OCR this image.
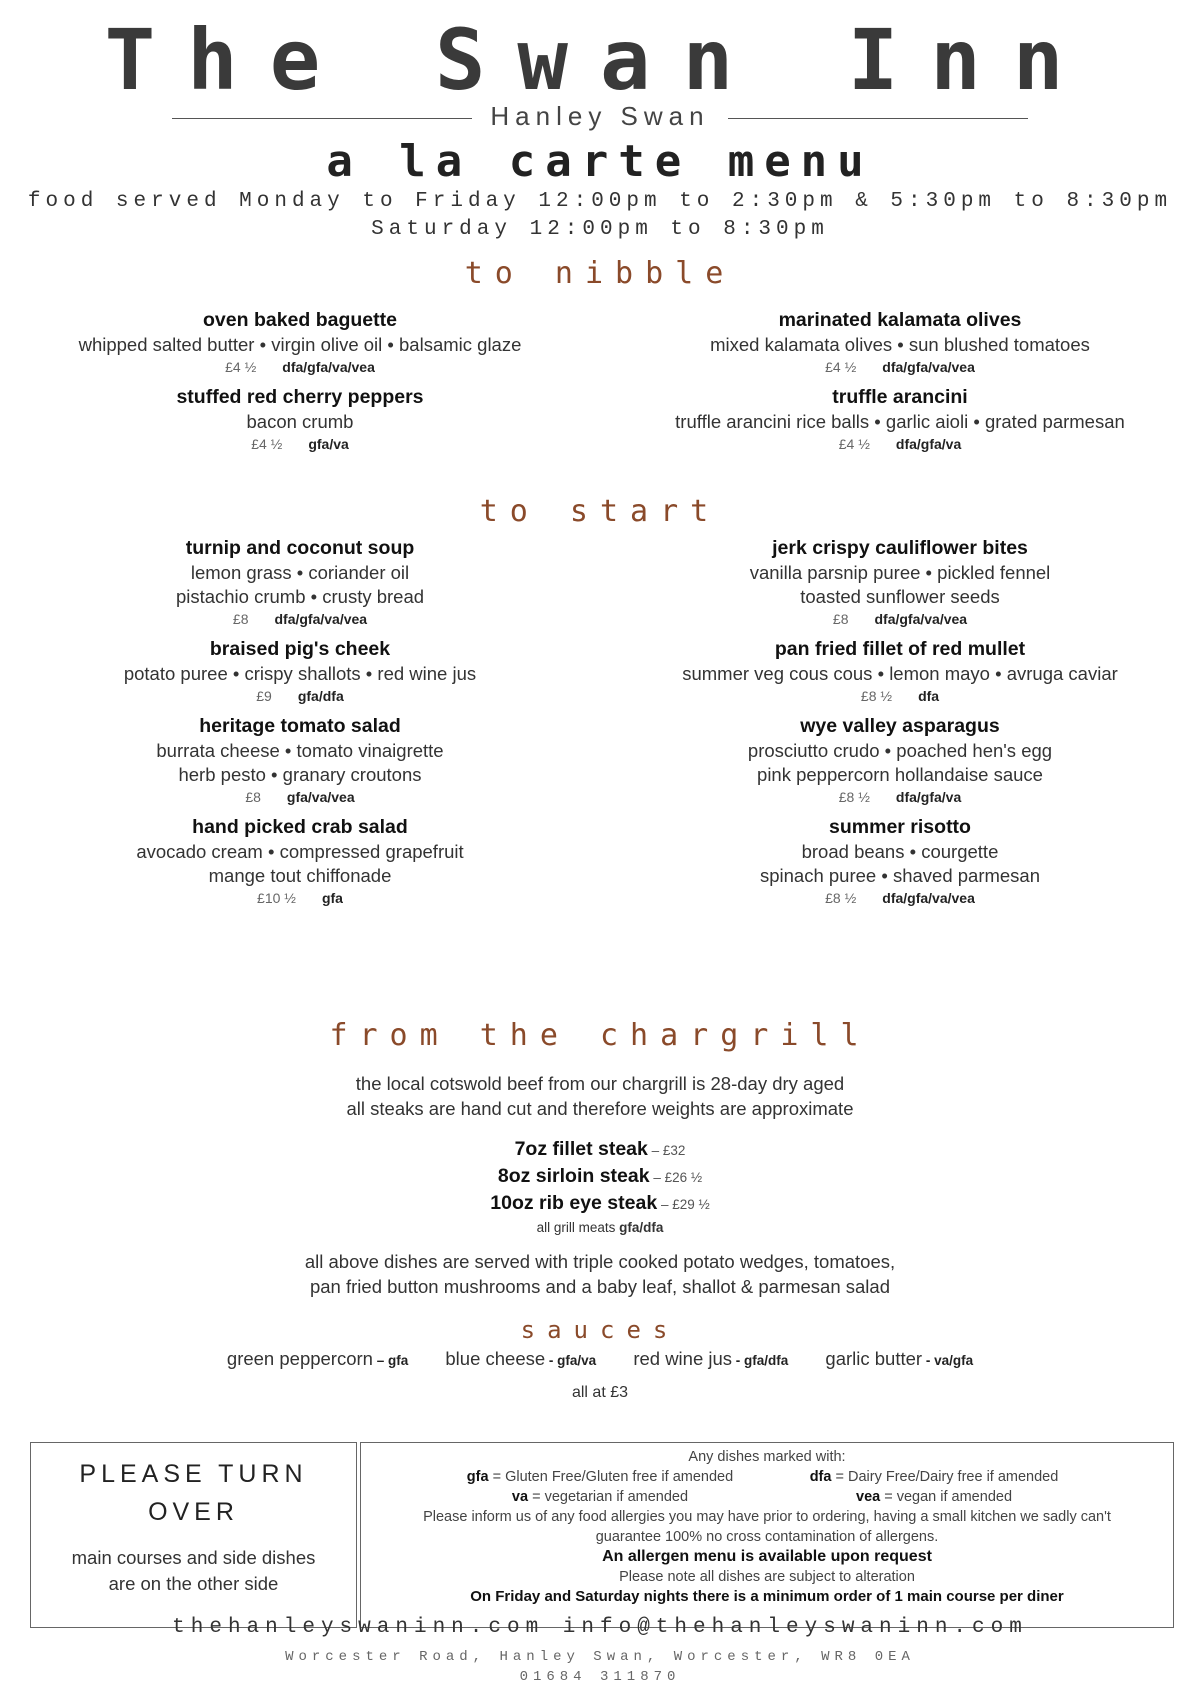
The Swan Inn
Hanley Swan
a la carte menu
food served Monday to Friday 12:00pm to 2:30pm & 5:30pm to 8:30pm
Saturday 12:00pm to 8:30pm
to nibble
oven baked baguette
whipped salted butter • virgin olive oil • balsamic glaze
£4 ½ dfa/gfa/va/vea
stuffed red cherry peppers
bacon crumb
£4 ½ gfa/va
marinated kalamata olives
mixed kalamata olives • sun blushed tomatoes
£4 ½ dfa/gfa/va/vea
truffle arancini
truffle arancini rice balls • garlic aioli • grated parmesan
£4 ½ dfa/gfa/va
to start
turnip and coconut soup
lemon grass • coriander oil
pistachio crumb • crusty bread
£8 dfa/gfa/va/vea
braised pig's cheek
potato puree • crispy shallots • red wine jus
£9 gfa/dfa
heritage tomato salad
burrata cheese • tomato vinaigrette
herb pesto • granary croutons
£8 gfa/va/vea
hand picked crab salad
avocado cream • compressed grapefruit
mange tout chiffonade
£10 ½ gfa
jerk crispy cauliflower bites
vanilla parsnip puree • pickled fennel
toasted sunflower seeds
£8 dfa/gfa/va/vea
pan fried fillet of red mullet
summer veg cous cous • lemon mayo • avruga caviar
£8 ½ dfa
wye valley asparagus
prosciutto crudo • poached hen's egg
pink peppercorn hollandaise sauce
£8 ½ dfa/gfa/va
summer risotto
broad beans • courgette
spinach puree • shaved parmesan
£8 ½ dfa/gfa/va/vea
from the chargrill
the local cotswold beef from our chargrill is 28-day dry aged
all steaks are hand cut and therefore weights are approximate
7oz fillet steak – £32
8oz sirloin steak – £26 ½
10oz rib eye steak – £29 ½
all grill meats gfa/dfa
all above dishes are served with triple cooked potato wedges, tomatoes,
pan fried button mushrooms and a baby leaf, shallot & parmesan salad
sauces
green peppercorn – gfa blue cheese - gfa/va red wine jus - gfa/dfa garlic butter - va/gfa
all at £3
PLEASE TURN
OVER
main courses and side dishes
are on the other side
Any dishes marked with:
gfa = Gluten Free/Gluten free if amended	dfa = Dairy Free/Dairy free if amended
va = vegetarian if amended	vea = vegan if amended
Please inform us of any food allergies you may have prior to ordering, having a small kitchen we sadly can't
guarantee 100% no cross contamination of allergens.
An allergen menu is available upon request
Please note all dishes are subject to alteration
On Friday and Saturday nights there is a minimum order of 1 main course per diner
thehanleyswaninn.com info@thehanleyswaninn.com
Worcester Road, Hanley Swan, Worcester, WR8 0EA
01684 311870
